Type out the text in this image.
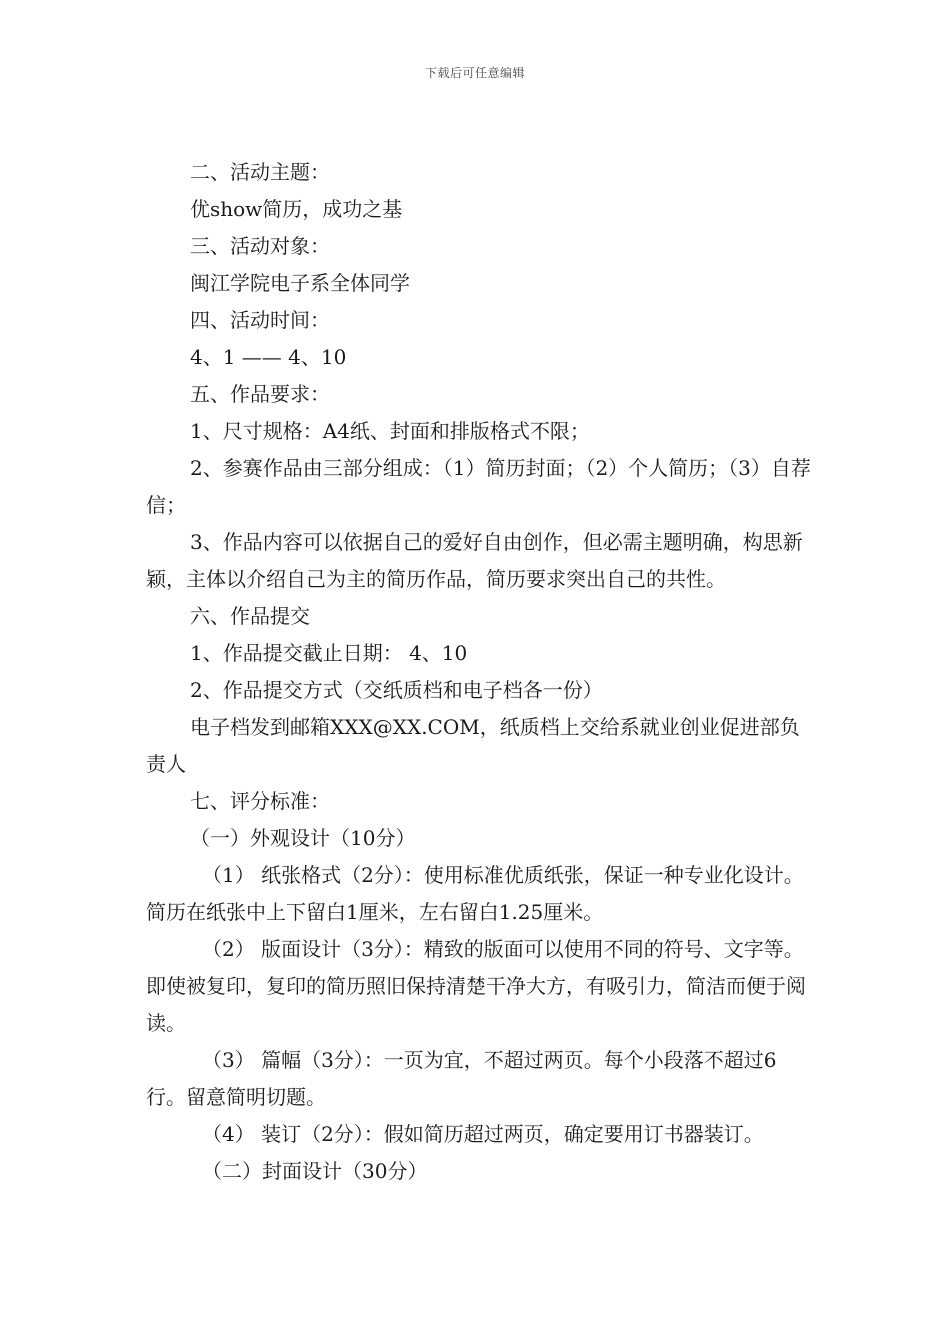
下载后可任意编辑

二、活动主题：

优show简历，成功之基

三、活动对象：

闽江学院电子系全体同学

四、活动时间：

4、1 —— 4、10

五、作品要求：

1、尺寸规格：A4纸、封面和排版格式不限；

2、参赛作品由三部分组成：（1）简历封面；（2）个人简历；（3）自荐信；

3、作品内容可以依据自己的爱好自由创作，但必需主题明确，构思新颖，主体以介绍自己为主的简历作品，简历要求突出自己的共性。

六、作品提交

1、作品提交截止日期： 4、10

2、作品提交方式（交纸质档和电子档各一份）

电子档发到邮箱XXX@XX.COM，纸质档上交给系就业创业促进部负责人

七、评分标准：

（一）外观设计（10分）

（1） 纸张格式（2分）：使用标准优质纸张，保证一种专业化设计。简历在纸张中上下留白1厘米，左右留白1.25厘米。

（2） 版面设计（3分）：精致的版面可以使用不同的符号、文字等。即使被复印，复印的简历照旧保持清楚干净大方，有吸引力，简洁而便于阅读。

（3） 篇幅（3分）：一页为宜，不超过两页。每个小段落不超过6行。留意简明切题。

（4） 装订（2分）：假如简历超过两页，确定要用订书器装订。

（二）封面设计（30分）
